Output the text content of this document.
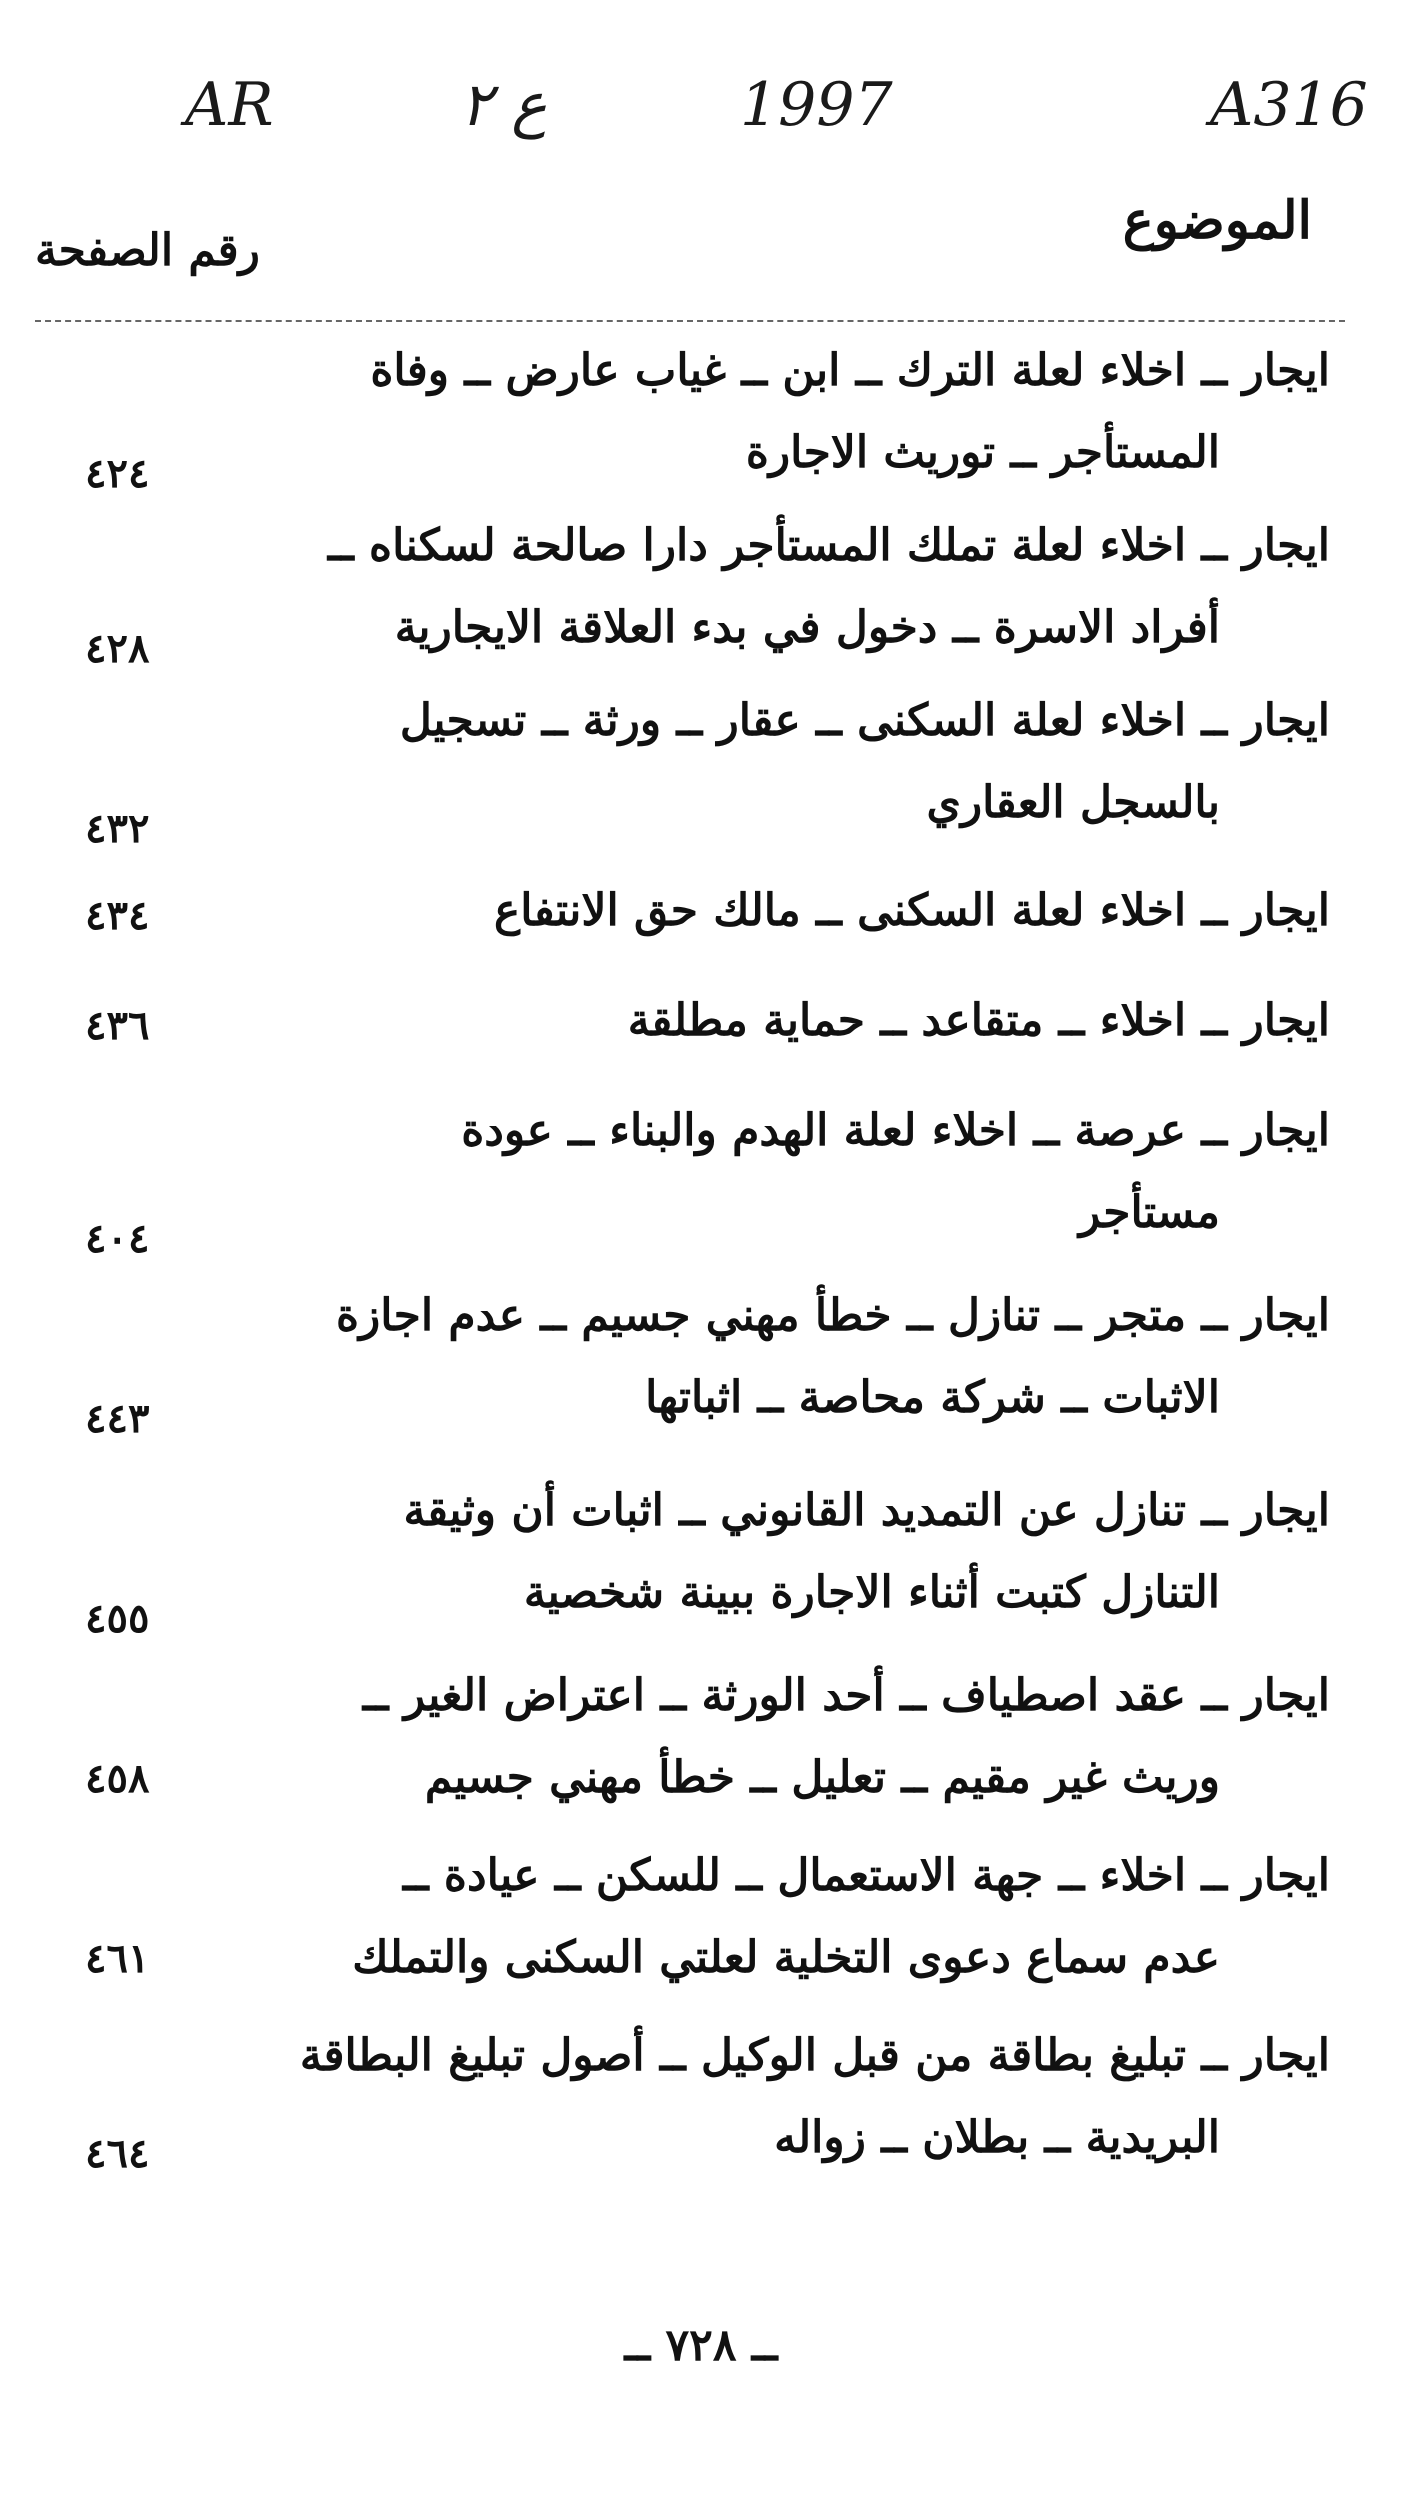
AR	ع ٢	1997	A316
الموضوع
رقم الصفحة
ايجار ــ اخلاء لعلة الترك ــ ابن ــ غياب عارض ــ وفاة
المستأجر ــ توريث الاجارة
٤٢٤
ايجار ــ اخلاء لعلة تملك المستأجر دارا صالحة لسكناه ــ
أفراد الاسرة ــ دخول في بدء العلاقة الايجارية
٤٢٨
ايجار ــ اخلاء لعلة السكنى ــ عقار ــ ورثة ــ تسجيل
بالسجل العقاري
٤٣٢
ايجار ــ اخلاء لعلة السكنى ــ مالك حق الانتفاع
٤٣٤
ايجار ــ اخلاء ــ متقاعد ــ حماية مطلقة
٤٣٦
ايجار ــ عرصة ــ اخلاء لعلة الهدم والبناء ــ عودة
مستأجر
٤٠٤
ايجار ــ متجر ــ تنازل ــ خطأ مهني جسيم ــ عدم اجازة
الاثبات ــ شركة محاصة ــ اثباتها
٤٤٣
ايجار ــ تنازل عن التمديد القانوني ــ اثبات أن وثيقة
التنازل كتبت أثناء الاجارة ببينة شخصية
٤٥٥
ايجار ــ عقد اصطياف ــ أحد الورثة ــ اعتراض الغير ــ
وريث غير مقيم ــ تعليل ــ خطأ مهني جسيم
٤٥٨
ايجار ــ اخلاء ــ جهة الاستعمال ــ للسكن ــ عيادة ــ
عدم سماع دعوى التخلية لعلتي السكنى والتملك
٤٦١
ايجار ــ تبليغ بطاقة من قبل الوكيل ــ أصول تبليغ البطاقة
البريدية ــ بطلان ــ زواله
٤٦٤
ــ ٧٢٨ ــ
